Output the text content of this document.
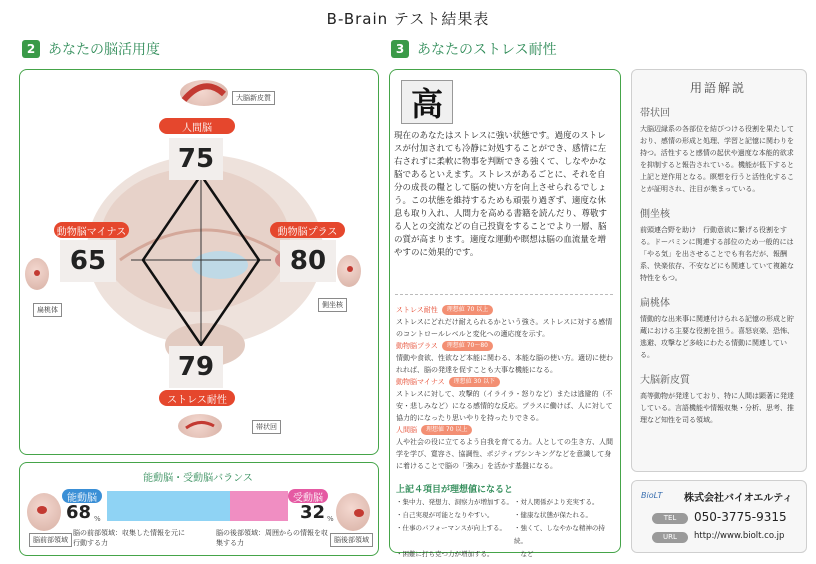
B-Brain テスト結果表
2 あなたの脳活用度
大脳新皮質
人間脳
75
動物脳マイナス
65
動物脳プラス
80
79
ストレス耐性
扁桃体
側坐核
帯状回
能動脳・受動脳バランス
脳前部領域
能動脳
68 %
受動脳
32 %
脳後部領域
脳の前部領域：収集した情報を元に行動する力
脳の後部領域：周囲からの情報を収集する力
3 あなたのストレス耐性
高
現在のあなたはストレスに強い状態です。過度のストレスが付加されても冷静に対処することができ、感情に左右されずに柔軟に物事を判断できる強くて、しなやかな脳であるといえます。ストレスがあるごとに、それを自分の成長の糧として脳の使い方を向上させられるでしょう。この状態を維持するためも頑張り過ぎず、適度な休息も取り入れ、人間力を高める書籍を読んだり、尊敬する人との交流などの自己投資をすることでより一層、脳の質が高まります。適度な運動や瞑想は脳の血流量を増やすのに効果的です。
ストレス耐性 理想値 70 以上
ストレスにどれだけ耐えられるかという強さ。ストレスに対する感情のコントロールレベルと変化への適応度を示す。
動物脳プラス 理想値 70〜80
情動や食欲、性欲など本能に関わる、本能な脳の使い方。適切に使われれば、脳の発達を促すことも大事な機能になる。
動物脳マイナス 理想値 30 以下
ストレスに対して、攻撃的（イライラ・怒りなど）または逃避的（不安・悲しみなど）になる感情的な反応。プラスに働けば、人に対して協力的になったり思いやりを持ったりできる。
人間脳 理想値 70 以上
人や社会の役に立てるよう自我を育てる力。人としての生き方、人間学を学び、寛容さ、協調性、ポジティブシンキングなどを意識して身に着けることで脳の「強み」を活かす基盤になる。
上記４項目が理想値になると
・集中力、発想力、洞察力が増加する。 ・対人関係がより充実する。
・自己実現が可能となりやすい。	・健康な状態が保たれる。
・仕事のパフォーマンスが向上する。	・強くて、しなやかな精神の持続。
・困難に打ち克つ力が増加する。
　	など
用語解説
帯状回
大脳辺縁系の各部位を結びつける役割を果たしており、感情の形成と処理、学習と記憶に関わりを持つ。活性すると感情の起伏や過度な本能的欲求を抑制すると報告されている。機能が低下すると上記と逆作用となる。瞑想を行うと活性化することが証明され、注目が集まっている。
側坐核
前頭連合野を助け　行動意欲に繋げる役割をする。ドーパミンに関連する部位のため一般的には「やる気」を出させることでも有名だが、報酬系、快楽依存、不安などにも関連していて複雑な特性をもつ。
扁桃体
情動的な出来事に関連付けられる記憶の形成と貯蔵における主要な役割を担う。喜怒哀楽、恐怖、逃避、攻撃など多岐にわたる情動に関連している。
大脳新皮質
高等動物が発達しており、特に人間は顕著に発達している。言語機能や情報収集・分析、思考、推理など知性を司る領域。
BioLT 株式会社バイオエルティ
TEL	050-3775-9315
URL	http://www.biolt.co.jp
